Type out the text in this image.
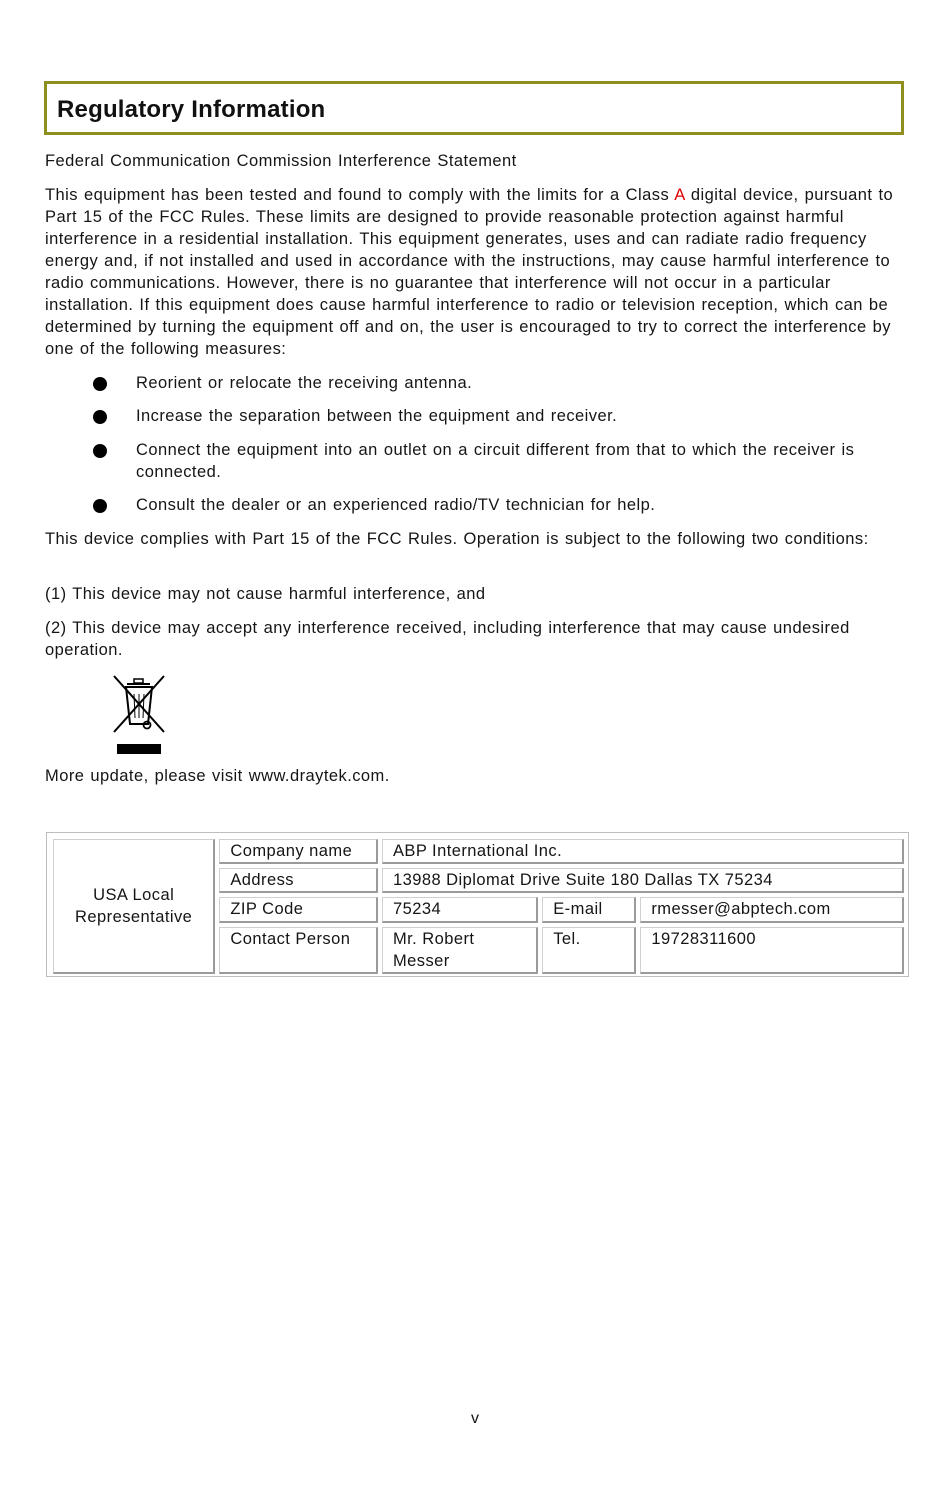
Regulatory Information
Federal Communication Commission Interference Statement
This equipment has been tested and found to comply with the limits for a Class A digital device, pursuant to Part 15 of the FCC Rules. These limits are designed to provide reasonable protection against harmful interference in a residential installation. This equipment generates, uses and can radiate radio frequency energy and, if not installed and used in accordance with the instructions, may cause harmful interference to radio communications. However, there is no guarantee that interference will not occur in a particular installation. If this equipment does cause harmful interference to radio or television reception, which can be determined by turning the equipment off and on, the user is encouraged to try to correct the interference by one of the following measures:
Reorient or relocate the receiving antenna.
Increase the separation between the equipment and receiver.
Connect the equipment into an outlet on a circuit different from that to which the receiver is connected.
Consult the dealer or an experienced radio/TV technician for help.
This device complies with Part 15 of the FCC Rules. Operation is subject to the following two conditions:
(1) This device may not cause harmful interference, and
(2) This device may accept any interference received, including interference that may cause undesired operation.
More update, please visit www.draytek.com.
USA Local Representative	Company name	ABP International Inc.		
	Address	13988 Diplomat Drive Suite 180 Dallas TX 75234		
	ZIP Code	75234	E-mail	rmesser@abptech.com
	Contact Person	Mr. Robert Messer	Tel.	19728311600
v
